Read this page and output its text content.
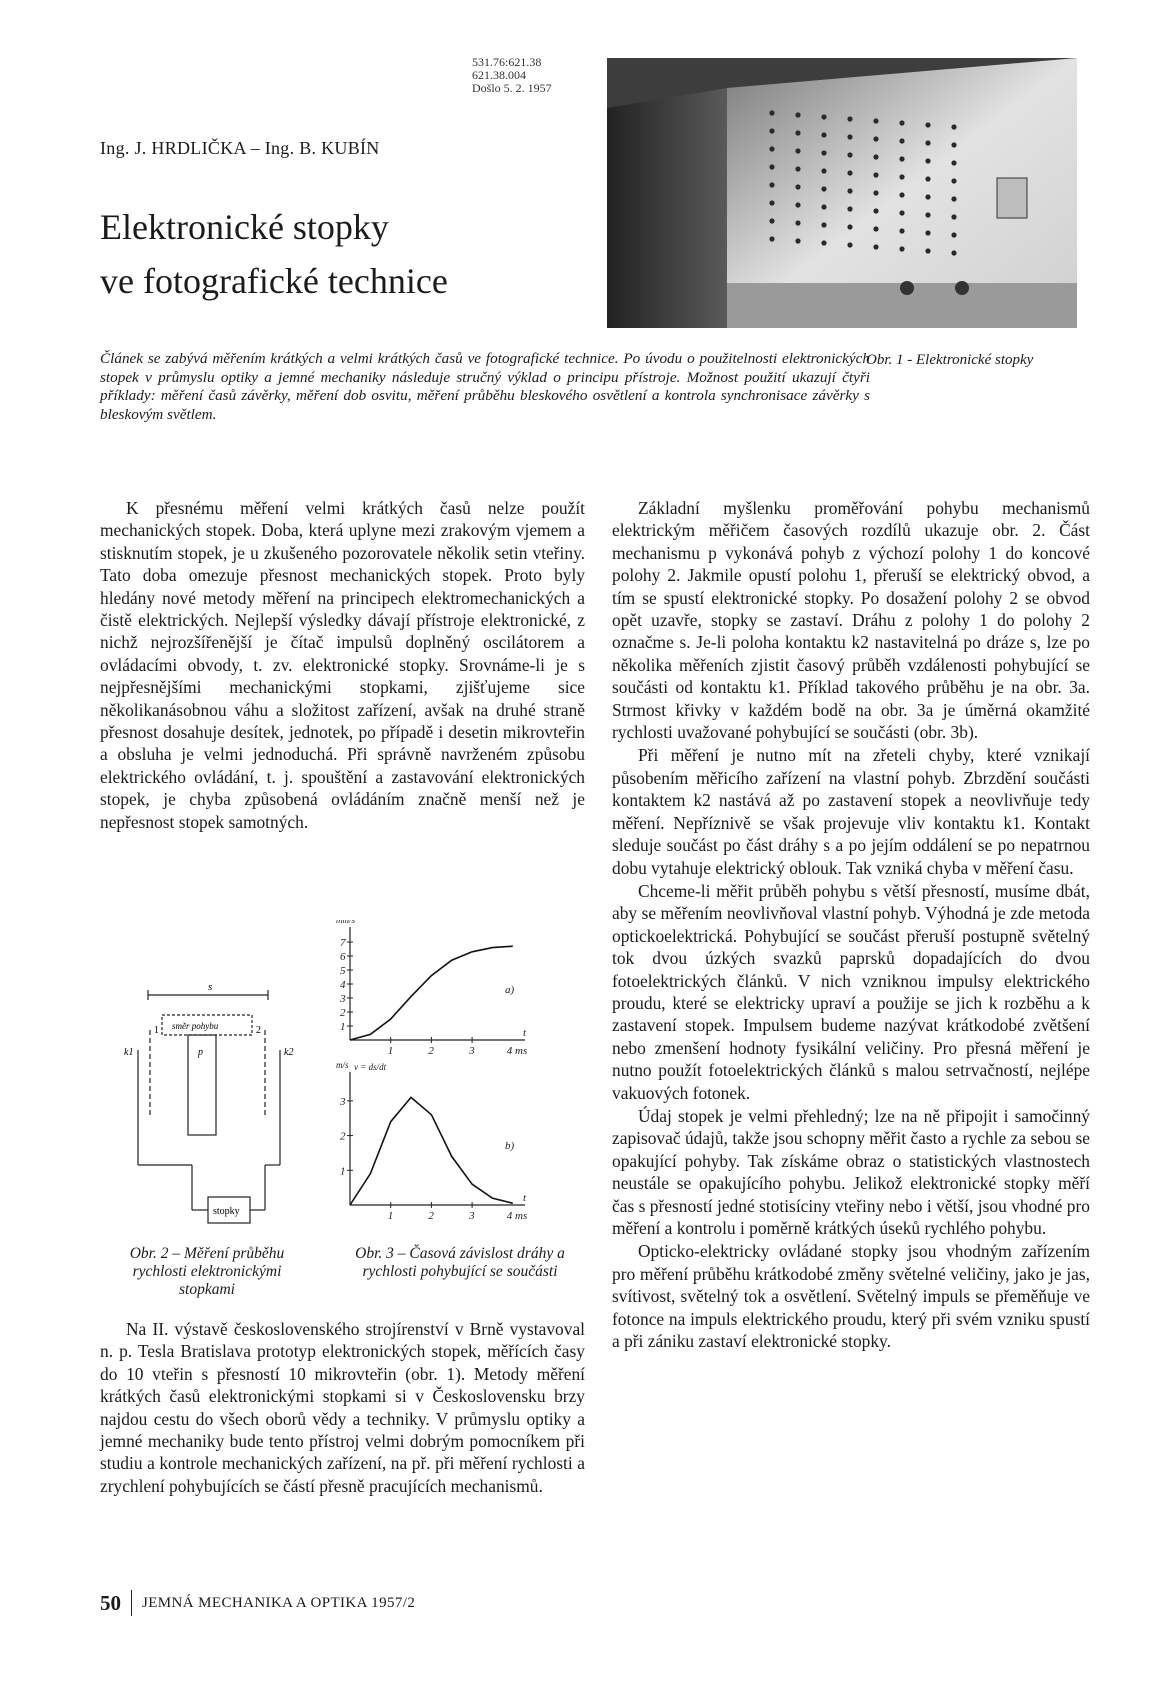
531.76:621.38
621.38.004
Došlo 5. 2. 1957
Ing. J. HRDLIČKA – Ing. B. KUBÍN
Elektronické stopky
ve fotografické technice
Obr. 1 - Elektronické stopky
Článek se zabývá měřením krátkých a velmi krátkých časů ve fotografické technice. Po úvodu o použitelnosti elektronických stopek v průmyslu optiky a jemné mechaniky následuje stručný výklad o principu přístroje. Možnost použití ukazují čtyři příklady: měření časů závěrky, měření dob osvitu, měření průběhu bleskového osvětlení a kontrola synchronisace závěrky s bleskovým světlem.

K přesnému měření velmi krátkých časů nelze použít mechanických stopek. Doba, která uplyne mezi zrakovým vjemem a stisknutím stopek, je u zkušeného pozorovatele několik setin vteřiny. Tato doba omezuje přesnost mechanických stopek. Proto byly hledány nové metody měření na principech elektromechanických a čistě elektrických. Nejlepší výsledky dávají přístroje elektronické, z nichž nejrozšířenější je čítač impulsů doplněný oscilátorem a ovládacími obvody, t. zv. elektronické stopky. Srovnáme-li je s nejpřesnějšími mechanickými stopkami, zjišťujeme sice několikanásobnou váhu a složitost zařízení, avšak na druhé straně přesnost dosahuje desítek, jednotek, po případě i desetin mikrovteřin a obsluha je velmi jednoduchá. Při správně navrženém způsobu elektrického ovládání, t. j. spouštění a zastavování elektronických stopek, je chyba způsobená ovládáním značně menší než je nepřesnost stopek samotných.

s
směr pohybu
k1	k2
p
1	2
stopky
1
2
3
4
5
6
7
1	2	3	4 ms
t
mm/s
a)
1
2
3
1	2	3	4 ms
t
m/s v = ds/dt
b)
Obr. 2 – Měření průběhu rychlosti elektronickými stopkami
Obr. 3 – Časová závislost dráhy a rychlosti pohybující se součásti

Na II. výstavě československého strojírenství v Brně vystavoval n. p. Tesla Bratislava prototyp elektronických stopek, měřících časy do 10 vteřin s přesností 10 mikrovteřin (obr. 1). Metody měření krátkých časů elektronickými stopkami si v Československu brzy najdou cestu do všech oborů vědy a techniky. V průmyslu optiky a jemné mechaniky bude tento přístroj velmi dobrým pomocníkem při studiu a kontrole mechanických zařízení, na př. při měření rychlosti a zrychlení pohybujících se částí přesně pracujících mechanismů.

Základní myšlenku proměřování pohybu mechanismů elektrickým měřičem časových rozdílů ukazuje obr. 2. Část mechanismu p vykonává pohyb z výchozí polohy 1 do koncové polohy 2. Jakmile opustí polohu 1, přeruší se elektrický obvod, a tím se spustí elektronické stopky. Po dosažení polohy 2 se obvod opět uzavře, stopky se zastaví. Dráhu z polohy 1 do polohy 2 označme s. Je-li poloha kontaktu k2 nastavitelná po dráze s, lze po několika měřeních zjistit časový průběh vzdálenosti pohybující se součásti od kontaktu k1. Příklad takového průběhu je na obr. 3a. Strmost křivky v každém bodě na obr. 3a je úměrná okamžité rychlosti uvažované pohybující se součásti (obr. 3b).

Při měření je nutno mít na zřeteli chyby, které vznikají působením měřicího zařízení na vlastní pohyb. Zbrzdění součásti kontaktem k2 nastává až po zastavení stopek a neovlivňuje tedy měření. Nepříznivě se však projevuje vliv kontaktu k1. Kontakt sleduje součást po část dráhy s a po jejím oddálení se po nepatrnou dobu vytahuje elektrický oblouk. Tak vzniká chyba v měření času.

Chceme-li měřit průběh pohybu s větší přesností, musíme dbát, aby se měřením neovlivňoval vlastní pohyb. Výhodná je zde metoda optickoelektrická. Pohybující se součást přeruší postupně světelný tok dvou úzkých svazků paprsků dopadajících do dvou fotoelektrických článků. V nich vzniknou impulsy elektrického proudu, které se elektricky upraví a použije se jich k rozběhu a k zastavení stopek. Impulsem budeme nazývat krátkodobé zvětšení nebo zmenšení hodnoty fysikální veličiny. Pro přesná měření je nutno použít fotoelektrických článků s malou setrvačností, nejlépe vakuových fotonek.

Údaj stopek je velmi přehledný; lze na ně připojit i samočinný zapisovač údajů, takže jsou schopny měřit často a rychle za sebou se opakující pohyby. Tak získáme obraz o statistických vlastnostech neustále se opakujícího pohybu. Jelikož elektronické stopky měří čas s přesností jedné stotisíciny vteřiny nebo i větší, jsou vhodné pro měření a kontrolu i poměrně krátkých úseků rychlého pohybu.

Opticko-elektricky ovládané stopky jsou vhodným zařízením pro měření průběhu krátkodobé změny světelné veličiny, jako je jas, svítivost, světelný tok a osvětlení. Světelný impuls se přeměňuje ve fotonce na impuls elektrického proudu, který při svém vzniku spustí a při zániku zastaví elektronické stopky.

50 JEMNÁ MECHANIKA A OPTIKA 1957/2
